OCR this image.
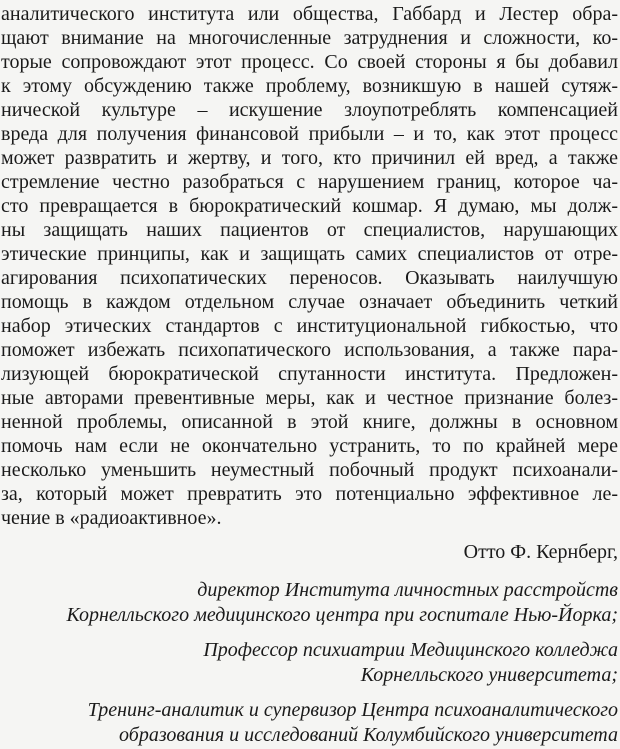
аналитического института или общества, Габбард и Лестер обра-
щают внимание на многочисленные затруднения и сложности, ко-
торые сопровождают этот процесс. Со своей стороны я бы добавил
к этому обсуждению также проблему, возникшую в нашей сутяж-
нической культуре – искушение злоупотреблять компенсацией
вреда для получения финансовой прибыли – и то, как этот процесс
может развратить и жертву, и того, кто причинил ей вред, а также
стремление честно разобраться с нарушением границ, которое ча-
сто превращается в бюрократический кошмар. Я думаю, мы долж-
ны защищать наших пациентов от специалистов, нарушающих
этические принципы, как и защищать самих специалистов от отре-
агирования психопатических переносов. Оказывать наилучшую
помощь в каждом отдельном случае означает объединить четкий
набор этических стандартов с институциональной гибкостью, что
поможет избежать психопатического использования, а также пара-
лизующей бюрократической спутанности института. Предложен-
ные авторами превентивные меры, как и честное признание болез-
ненной проблемы, описанной в этой книге, должны в основном
помочь нам если не окончательно устранить, то по крайней мере
несколько уменьшить неуместный побочный продукт психоанали-
за, который может превратить это потенциально эффективное ле-
чение в «радиоактивное».
Отто Ф. Кернберг,
директор Института личностных расстройств
Корнелльского медицинского центра при госпитале Нью-Йорка;
Профессор психиатрии Медицинского колледжа
Корнелльского университета;
Тренинг-аналитик и супервизор Центра психоаналитического
образования и исследований Колумбийского университета
